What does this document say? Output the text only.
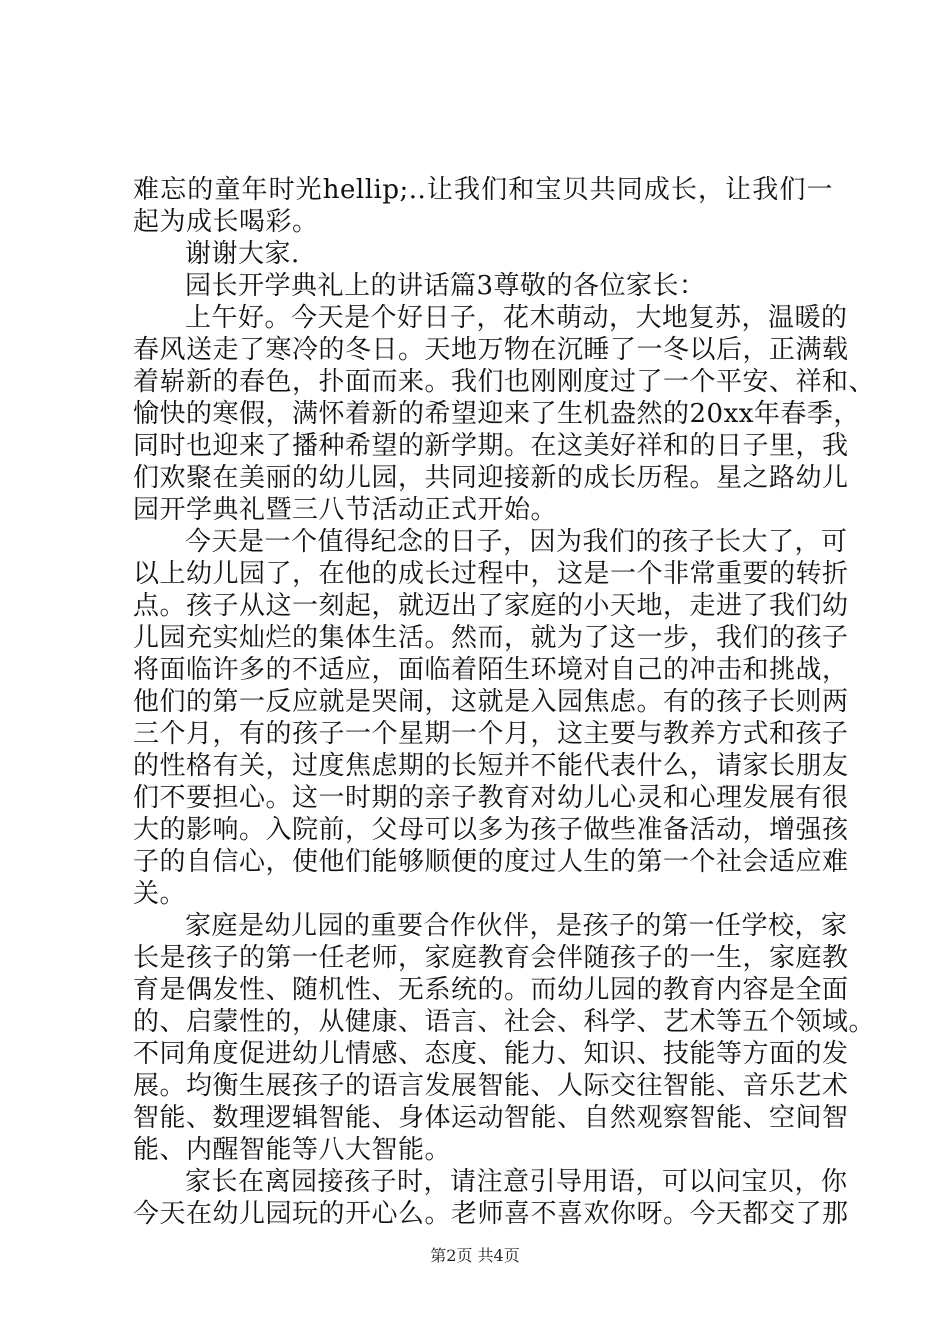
难忘的童年时光hellip;..让我们和宝贝共同成长，让我们一
起为成长喝彩。
谢谢大家.
园长开学典礼上的讲话篇3尊敬的各位家长：
上午好。今天是个好日子，花木萌动，大地复苏，温暖的
春风送走了寒冷的冬日。天地万物在沉睡了一冬以后，正满载
着崭新的春色，扑面而来。我们也刚刚度过了一个平安、祥和、
愉快的寒假，满怀着新的希望迎来了生机盎然的20xx年春季，
同时也迎来了播种希望的新学期。在这美好祥和的日子里，我
们欢聚在美丽的幼儿园，共同迎接新的成长历程。星之路幼儿
园开学典礼暨三八节活动正式开始。
今天是一个值得纪念的日子，因为我们的孩子长大了，可
以上幼儿园了，在他的成长过程中，这是一个非常重要的转折
点。孩子从这一刻起，就迈出了家庭的小天地，走进了我们幼
儿园充实灿烂的集体生活。然而，就为了这一步，我们的孩子
将面临许多的不适应，面临着陌生环境对自己的冲击和挑战，
他们的第一反应就是哭闹，这就是入园焦虑。有的孩子长则两
三个月，有的孩子一个星期一个月，这主要与教养方式和孩子
的性格有关，过度焦虑期的长短并不能代表什么，请家长朋友
们不要担心。这一时期的亲子教育对幼儿心灵和心理发展有很
大的影响。入院前，父母可以多为孩子做些准备活动，增强孩
子的自信心，使他们能够顺便的度过人生的第一个社会适应难
关。
家庭是幼儿园的重要合作伙伴，是孩子的第一任学校，家
长是孩子的第一任老师，家庭教育会伴随孩子的一生，家庭教
育是偶发性、随机性、无系统的。而幼儿园的教育内容是全面
的、启蒙性的，从健康、语言、社会、科学、艺术等五个领域。
不同角度促进幼儿情感、态度、能力、知识、技能等方面的发
展。均衡生展孩子的语言发展智能、人际交往智能、音乐艺术
智能、数理逻辑智能、身体运动智能、自然观察智能、空间智
能、内醒智能等八大智能。
家长在离园接孩子时，请注意引导用语，可以问宝贝，你
今天在幼儿园玩的开心么。老师喜不喜欢你呀。今天都交了那
第2页 共4页
